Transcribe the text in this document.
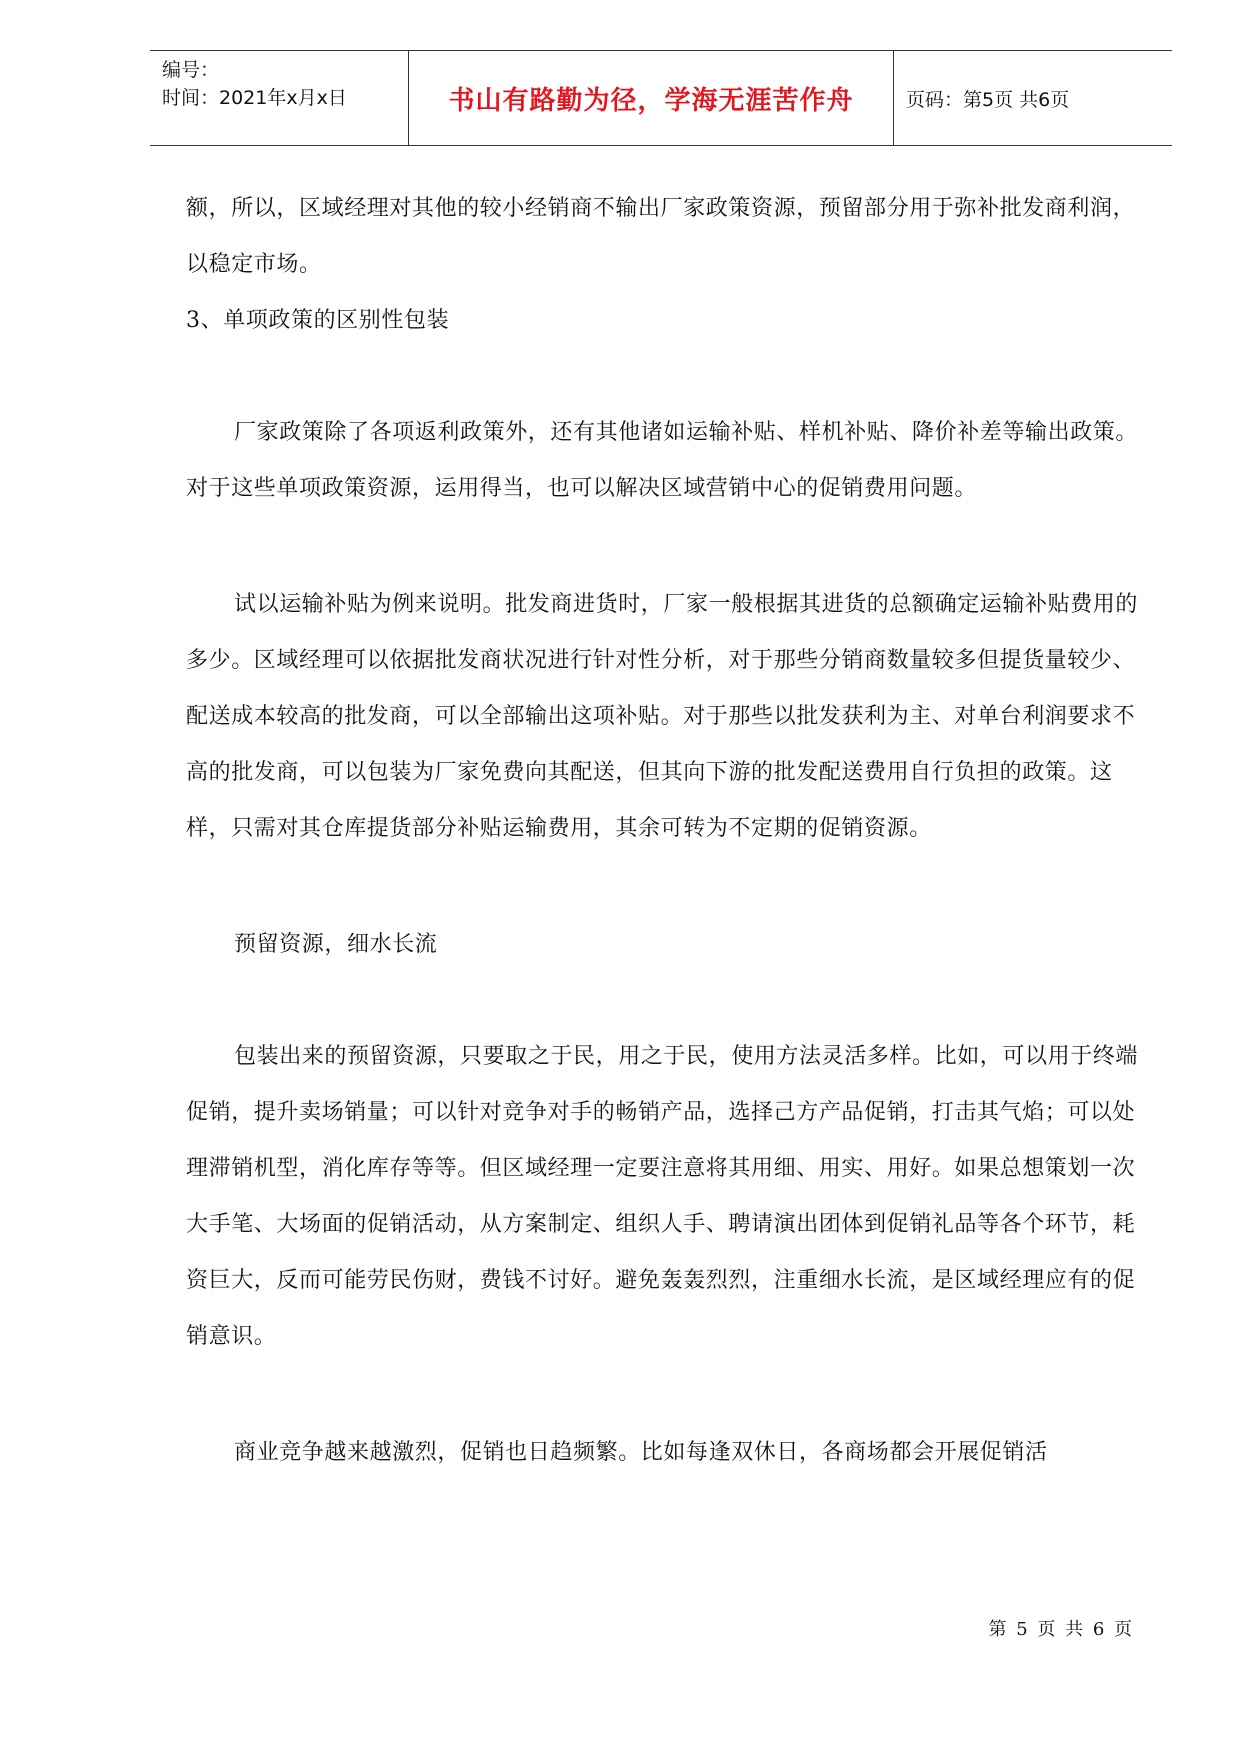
编号：
时间：2021年x月x日	书山有路勤为径，学海无涯苦作舟	页码：第5页 共6页

额，所以，区域经理对其他的较小经销商不输出厂家政策资源，预留部分用于弥补批发商利润，以稳定市场。

3、单项政策的区别性包装

厂家政策除了各项返利政策外，还有其他诸如运输补贴、样机补贴、降价补差等输出政策。对于这些单项政策资源，运用得当，也可以解决区域营销中心的促销费用问题。

试以运输补贴为例来说明。批发商进货时，厂家一般根据其进货的总额确定运输补贴费用的多少。区域经理可以依据批发商状况进行针对性分析，对于那些分销商数量较多但提货量较少、配送成本较高的批发商，可以全部输出这项补贴。对于那些以批发获利为主、对单台利润要求不高的批发商，可以包装为厂家免费向其配送，但其向下游的批发配送费用自行负担的政策。这样，只需对其仓库提货部分补贴运输费用，其余可转为不定期的促销资源。

预留资源，细水长流

包装出来的预留资源，只要取之于民，用之于民，使用方法灵活多样。比如，可以用于终端促销，提升卖场销量；可以针对竞争对手的畅销产品，选择己方产品促销，打击其气焰；可以处理滞销机型，消化库存等等。但区域经理一定要注意将其用细、用实、用好。如果总想策划一次大手笔、大场面的促销活动，从方案制定、组织人手、聘请演出团体到促销礼品等各个环节，耗资巨大，反而可能劳民伤财，费钱不讨好。避免轰轰烈烈，注重细水长流，是区域经理应有的促销意识。

商业竞争越来越激烈，促销也日趋频繁。比如每逢双休日，各商场都会开展促销活

第 5 页 共 6 页
